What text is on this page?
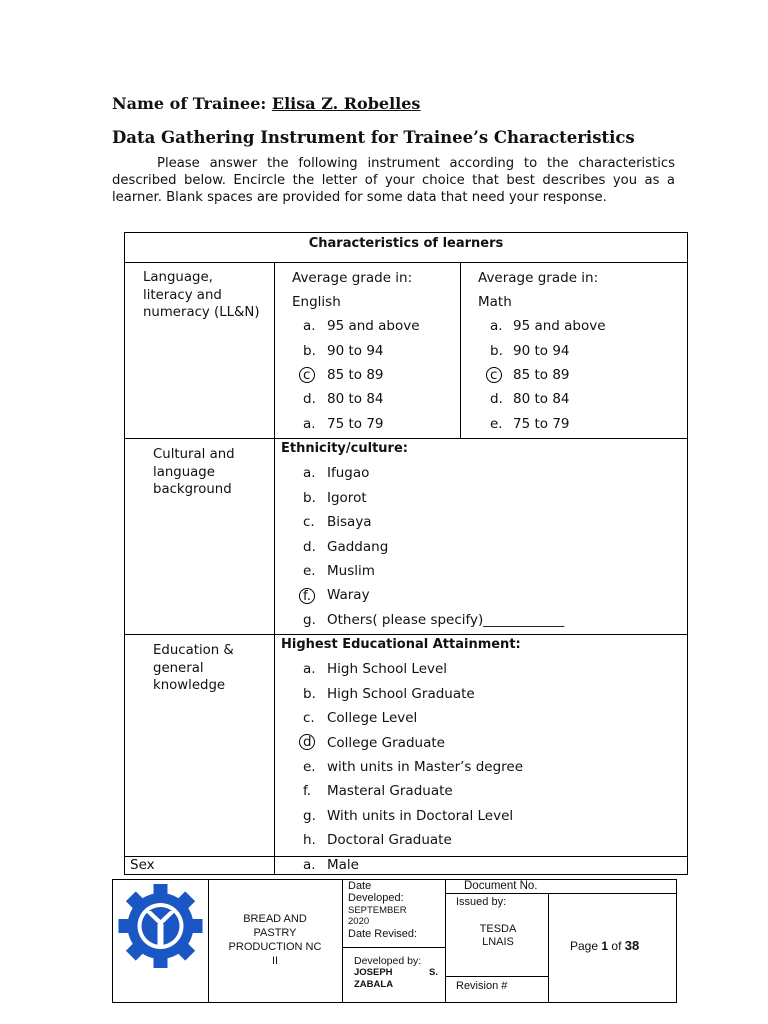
Name of Trainee: Elisa Z. Robelles
Data Gathering Instrument for Trainee’s Characteristics
Please answer the following instrument according to the characteristics described below. Encircle the letter of your choice that best describes you as a learner. Blank spaces are provided for some data that need your response.
Characteristics of learners
Language, literacy and numeracy (LL&N)
Average grade in:
English
a. 95 and above
b. 90 to 94
c 85 to 89
d. 80 to 84
a. 75 to 79
Average grade in:
Math
a. 95 and above
b. 90 to 94
c 85 to 89
d. 80 to 84
e. 75 to 79
Cultural and language background
Ethnicity/culture:
a. Ifugao
b. Igorot
c. Bisaya
d. Gaddang
e. Muslim
f. Waray
g. Others( please specify)____________
Education & general knowledge
Highest Educational Attainment:
a. High School Level
b. High School Graduate
c. College Level
d College Graduate
e. with units in Master’s degree
f. Masteral Graduate
g. With units in Doctoral Level
h. Doctoral Graduate
Sex	a. Male
BREAD AND PASTRY PRODUCTION NC II
Date Developed:
SEPTEMBER 2020
Date Revised:
Developed by:
JOSEPH S. ZABALA
Document No.
Issued by:
TESDA LNAIS
Revision #
Page 1 of 38
